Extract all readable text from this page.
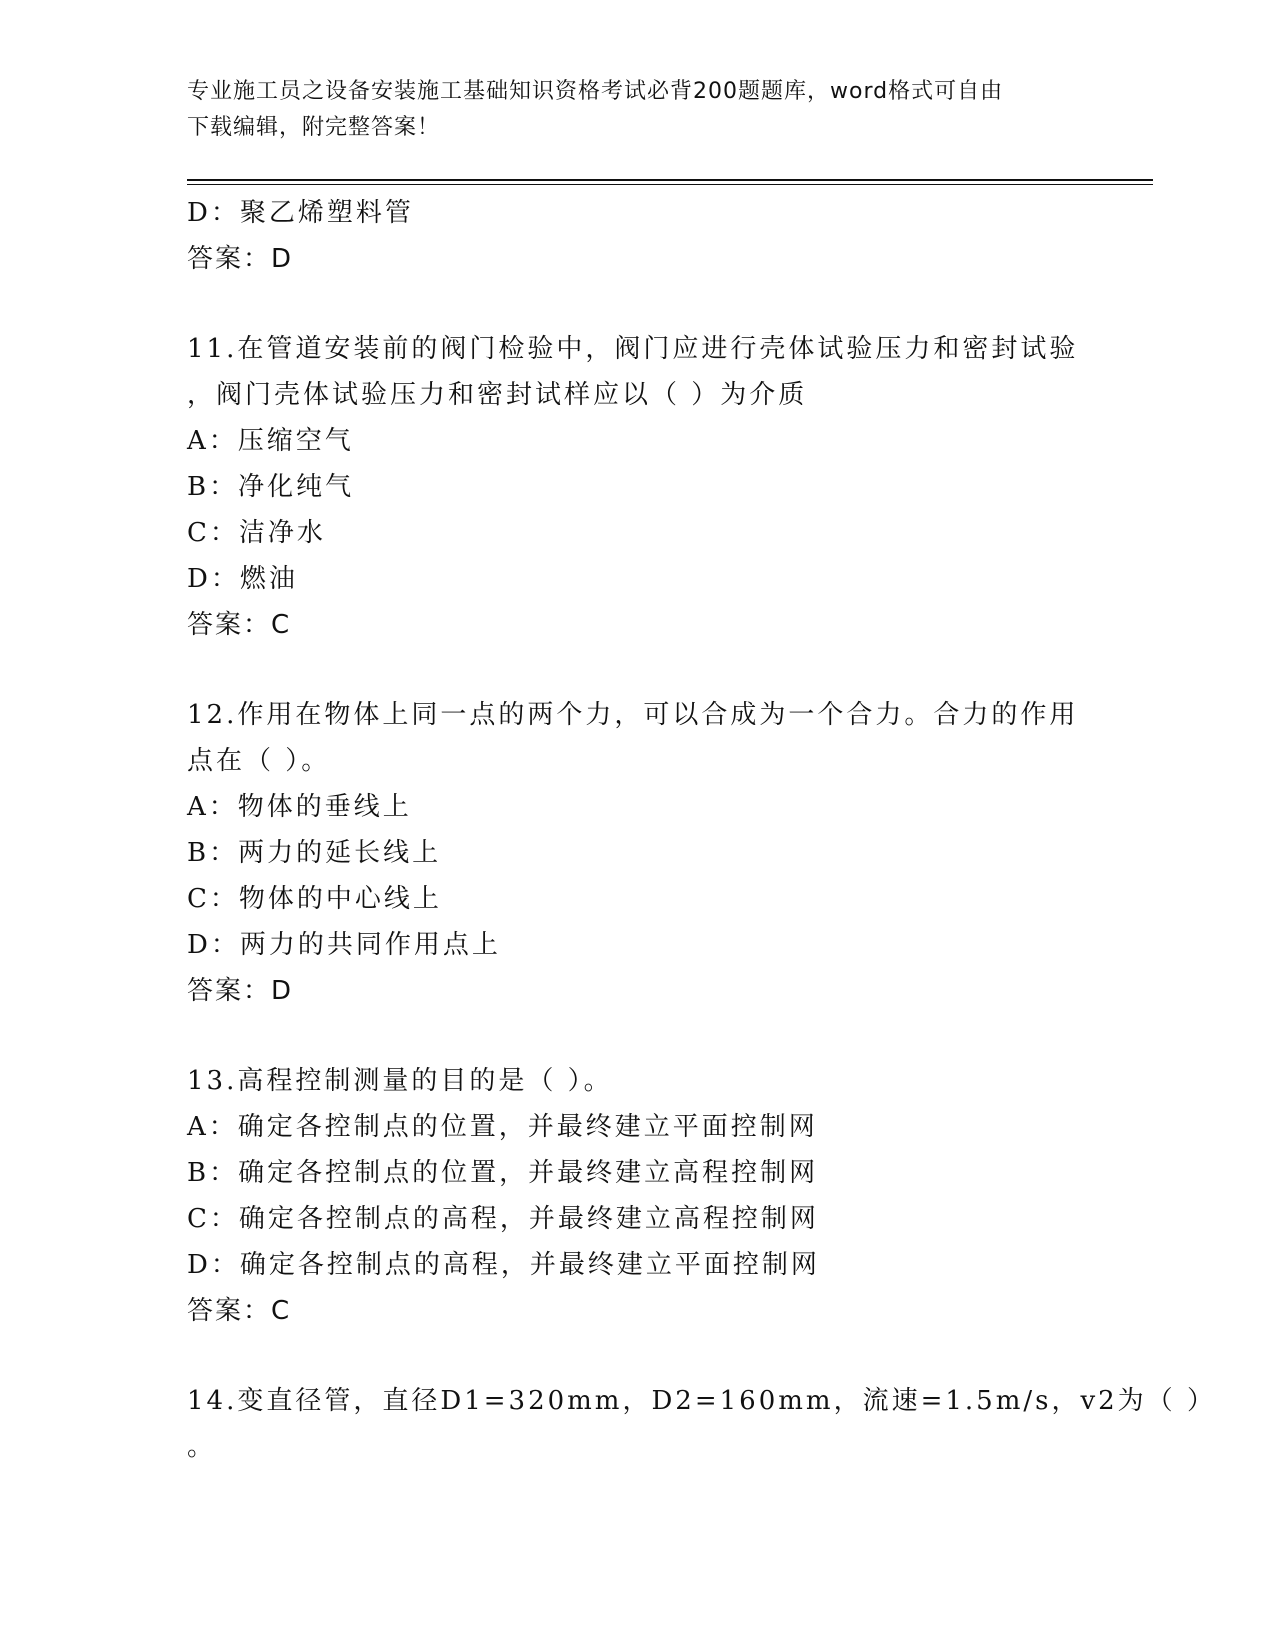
专业施工员之设备安装施工基础知识资格考试必背200题题库，word格式可自由
下载编辑，附完整答案！
D：聚乙烯塑料管
答案：D
11.在管道安装前的阀门检验中，阀门应进行壳体试验压力和密封试验
，阀门壳体试验压力和密封试样应以（ ）为介质
A：压缩空气
B：净化纯气
C：洁净水
D：燃油
答案：C
12.作用在物体上同一点的两个力，可以合成为一个合力。合力的作用
点在（ ）。
A：物体的垂线上
B：两力的延长线上
C：物体的中心线上
D：两力的共同作用点上
答案：D
13.高程控制测量的目的是（ ）。
A：确定各控制点的位置，并最终建立平面控制网
B：确定各控制点的位置，并最终建立高程控制网
C：确定各控制点的高程，并最终建立高程控制网
D：确定各控制点的高程，并最终建立平面控制网
答案：C
14.变直径管，直径D1=320mm，D2=160mm，流速=1.5m/s，v2为（ ）
。
